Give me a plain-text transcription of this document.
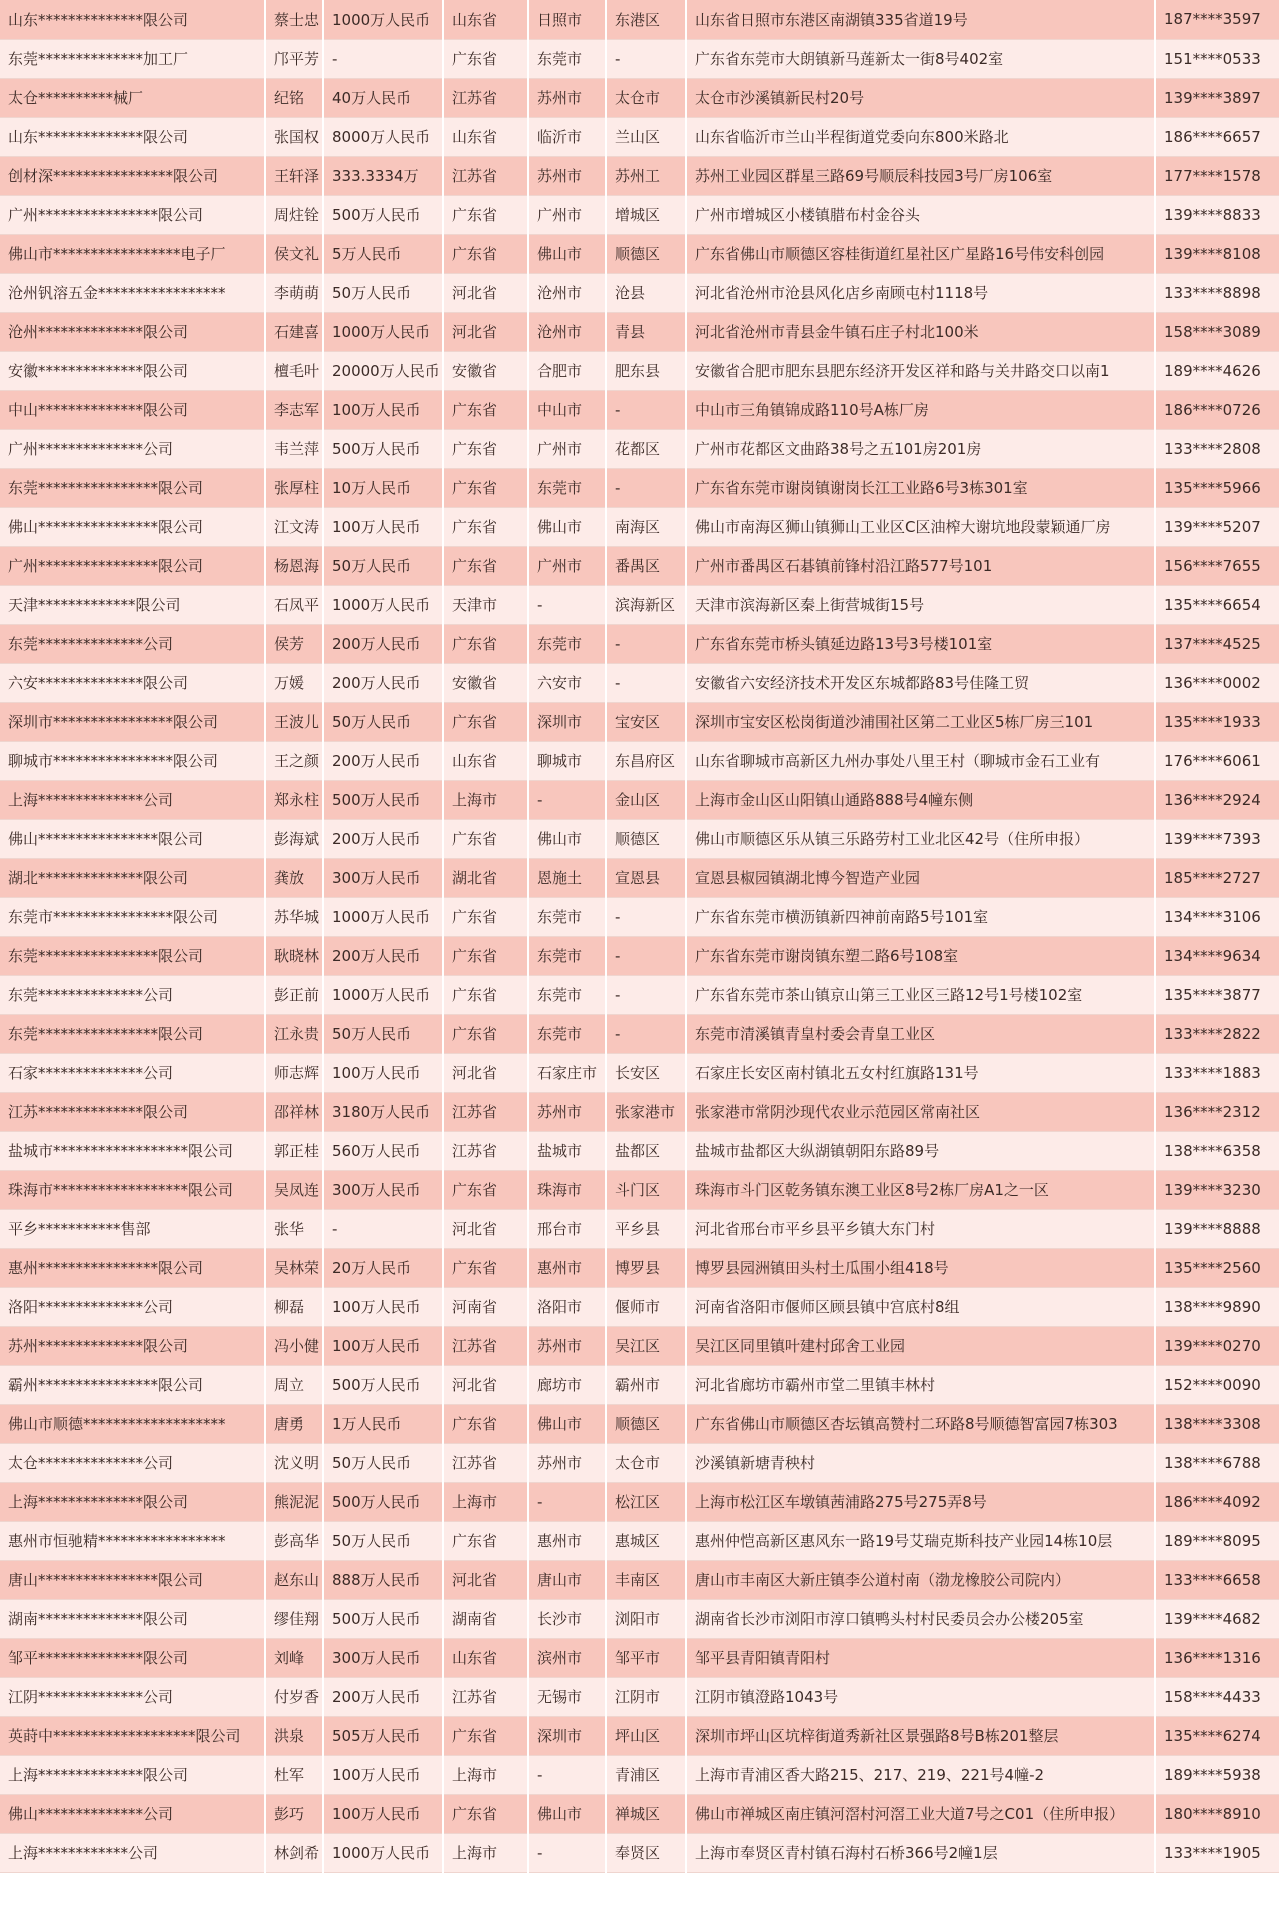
山东**************限公司	蔡士忠	1000万人民币	山东省	日照市	东港区	山东省日照市东港区南湖镇335省道19号	187****3597
东莞**************加工厂	邝平芳	-	广东省	东莞市	-	广东省东莞市大朗镇新马莲新太一街8号402室	151****0533
太仓**********械厂	纪铭	40万人民币	江苏省	苏州市	太仓市	太仓市沙溪镇新民村20号	139****3897
山东**************限公司	张国权	8000万人民币	山东省	临沂市	兰山区	山东省临沂市兰山半程街道党委向东800米路北	186****6657
创材深****************限公司	王轩泽	333.3334万	江苏省	苏州市	苏州工	苏州工业园区群星三路69号顺辰科技园3号厂房106室	177****1578
广州****************限公司	周炷铨	500万人民币	广东省	广州市	增城区	广州市增城区小楼镇腊布村金谷头	139****8833
佛山市*****************电子厂	侯文礼	5万人民币	广东省	佛山市	顺德区	广东省佛山市顺德区容桂街道红星社区广星路16号伟安科创园	139****8108
沧州钒溶五金*****************	李萌萌	50万人民币	河北省	沧州市	沧县	河北省沧州市沧县风化店乡南顾屯村1118号	133****8898
沧州**************限公司	石建喜	1000万人民币	河北省	沧州市	青县	河北省沧州市青县金牛镇石庄子村北100米	158****3089
安徽**************限公司	檀毛叶	20000万人民币	安徽省	合肥市	肥东县	安徽省合肥市肥东县肥东经济开发区祥和路与关井路交口以南1	189****4626
中山**************限公司	李志军	100万人民币	广东省	中山市	-	中山市三角镇锦成路110号A栋厂房	186****0726
广州**************公司	韦兰萍	500万人民币	广东省	广州市	花都区	广州市花都区文曲路38号之五101房201房	133****2808
东莞****************限公司	张厚柱	10万人民币	广东省	东莞市	-	广东省东莞市谢岗镇谢岗长江工业路6号3栋301室	135****5966
佛山****************限公司	江文涛	100万人民币	广东省	佛山市	南海区	佛山市南海区狮山镇狮山工业区C区油榨大谢坑地段蒙颖通厂房	139****5207
广州****************限公司	杨恩海	50万人民币	广东省	广州市	番禺区	广州市番禺区石碁镇前锋村沿江路577号101	156****7655
天津*************限公司	石凤平	1000万人民币	天津市	-	滨海新区	天津市滨海新区秦上街营城街15号	135****6654
东莞**************公司	侯芳	200万人民币	广东省	东莞市	-	广东省东莞市桥头镇延边路13号3号楼101室	137****4525
六安**************限公司	万媛	200万人民币	安徽省	六安市	-	安徽省六安经济技术开发区东城都路83号佳隆工贸	136****0002
深圳市****************限公司	王波儿	50万人民币	广东省	深圳市	宝安区	深圳市宝安区松岗街道沙浦围社区第二工业区5栋厂房三101	135****1933
聊城市****************限公司	王之颜	200万人民币	山东省	聊城市	东昌府区	山东省聊城市高新区九州办事处八里王村（聊城市金石工业有	176****6061
上海**************公司	郑永柱	500万人民币	上海市	-	金山区	上海市金山区山阳镇山通路888号4幢东侧	136****2924
佛山****************限公司	彭海斌	200万人民币	广东省	佛山市	顺德区	佛山市顺德区乐从镇三乐路劳村工业北区42号（住所申报）	139****7393
湖北**************限公司	龚放	300万人民币	湖北省	恩施土	宣恩县	宣恩县椒园镇湖北博今智造产业园	185****2727
东莞市****************限公司	苏华城	1000万人民币	广东省	东莞市	-	广东省东莞市横沥镇新四神前南路5号101室	134****3106
东莞****************限公司	耿晓林	200万人民币	广东省	东莞市	-	广东省东莞市谢岗镇东塑二路6号108室	134****9634
东莞**************公司	彭正前	1000万人民币	广东省	东莞市	-	广东省东莞市茶山镇京山第三工业区三路12号1号楼102室	135****3877
东莞****************限公司	江永贵	50万人民币	广东省	东莞市	-	东莞市清溪镇青皇村委会青皇工业区	133****2822
石家**************公司	师志辉	100万人民币	河北省	石家庄市	长安区	石家庄长安区南村镇北五女村红旗路131号	133****1883
江苏**************限公司	邵祥林	3180万人民币	江苏省	苏州市	张家港市	张家港市常阴沙现代农业示范园区常南社区	136****2312
盐城市******************限公司	郭正桂	560万人民币	江苏省	盐城市	盐都区	盐城市盐都区大纵湖镇朝阳东路89号	138****6358
珠海市******************限公司	吴凤连	300万人民币	广东省	珠海市	斗门区	珠海市斗门区乾务镇东澳工业区8号2栋厂房A1之一区	139****3230
平乡***********售部	张华	-	河北省	邢台市	平乡县	河北省邢台市平乡县平乡镇大东门村	139****8888
惠州****************限公司	吴林荣	20万人民币	广东省	惠州市	博罗县	博罗县园洲镇田头村土瓜围小组418号	135****2560
洛阳**************公司	柳磊	100万人民币	河南省	洛阳市	偃师市	河南省洛阳市偃师区顾县镇中宫底村8组	138****9890
苏州**************限公司	冯小健	100万人民币	江苏省	苏州市	吴江区	吴江区同里镇叶建村邱舍工业园	139****0270
霸州****************限公司	周立	500万人民币	河北省	廊坊市	霸州市	河北省廊坊市霸州市堂二里镇丰林村	152****0090
佛山市顺德*******************	唐勇	1万人民币	广东省	佛山市	顺德区	广东省佛山市顺德区杏坛镇高赞村二环路8号顺德智富园7栋303	138****3308
太仓**************公司	沈义明	50万人民币	江苏省	苏州市	太仓市	沙溪镇新塘青秧村	138****6788
上海**************限公司	熊泥泥	500万人民币	上海市	-	松江区	上海市松江区车墩镇茜浦路275号275弄8号	186****4092
惠州市恒驰精*****************	彭高华	50万人民币	广东省	惠州市	惠城区	惠州仲恺高新区惠风东一路19号艾瑞克斯科技产业园14栋10层	189****8095
唐山****************限公司	赵东山	888万人民币	河北省	唐山市	丰南区	唐山市丰南区大新庄镇李公道村南（渤龙橡胶公司院内）	133****6658
湖南**************限公司	缪佳翔	500万人民币	湖南省	长沙市	浏阳市	湖南省长沙市浏阳市淳口镇鸭头村村民委员会办公楼205室	139****4682
邹平**************限公司	刘峰	300万人民币	山东省	滨州市	邹平市	邹平县青阳镇青阳村	136****1316
江阴**************公司	付岁香	200万人民币	江苏省	无锡市	江阴市	江阴市镇澄路1043号	158****4433
英莳中*******************限公司	洪泉	505万人民币	广东省	深圳市	坪山区	深圳市坪山区坑梓街道秀新社区景强路8号B栋201整层	135****6274
上海**************限公司	杜军	100万人民币	上海市	-	青浦区	上海市青浦区香大路215、217、219、221号4幢-2	189****5938
佛山**************公司	彭巧	100万人民币	广东省	佛山市	禅城区	佛山市禅城区南庄镇河滘村河滘工业大道7号之C01（住所申报）	180****8910
上海************公司	林剑希	1000万人民币	上海市	-	奉贤区	上海市奉贤区青村镇石海村石桥366号2幢1层	133****1905
